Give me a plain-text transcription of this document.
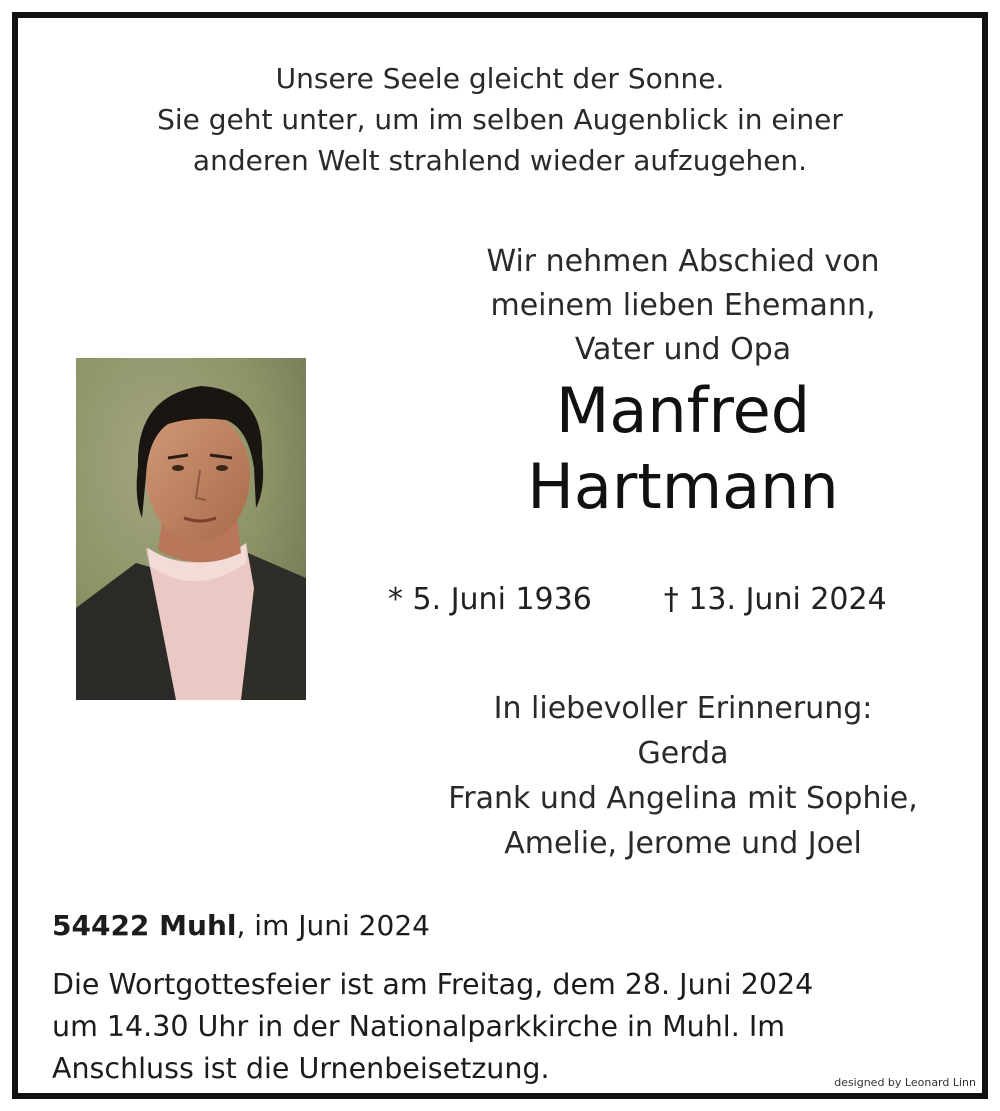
Unsere Seele gleicht der Sonne.
Sie geht unter, um im selben Augenblick in einer
anderen Welt strahlend wieder aufzugehen.
Wir nehmen Abschied von
meinem lieben Ehemann,
Vater und Opa
Manfred
Hartmann
* 5. Juni 1936 † 13. Juni 2024
In liebevoller Erinnerung:
Gerda
Frank und Angelina mit Sophie,
Amelie, Jerome und Joel
54422 Muhl, im Juni 2024
Die Wortgottesfeier ist am Freitag, dem 28. Juni 2024
um 14.30 Uhr in der Nationalparkkirche in Muhl. Im
Anschluss ist die Urnenbeisetzung.	designed by Leonard Linn
